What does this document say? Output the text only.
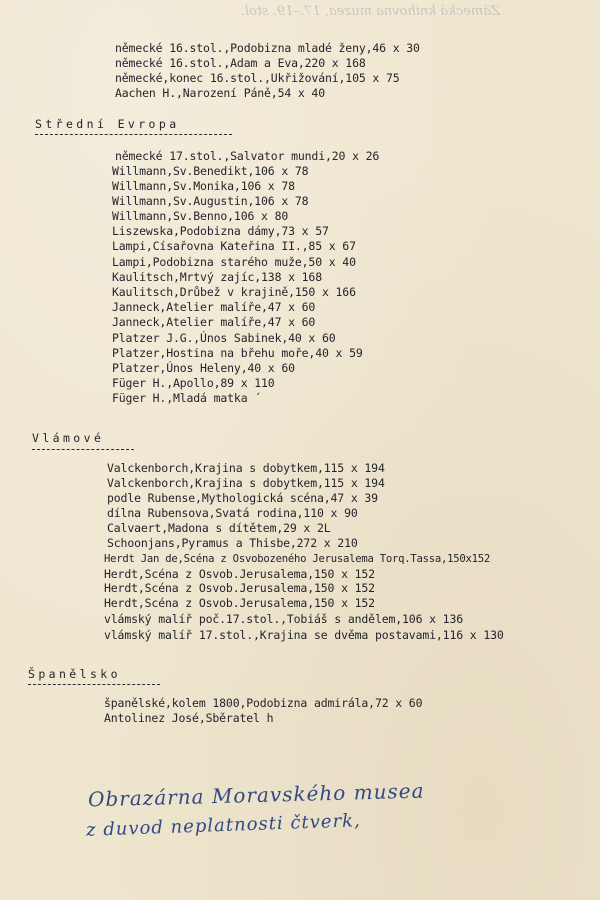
Zámecká knihovna muzea, 17.–19. stol.
německé 16.stol.,Podobizna mladé ženy,46 x 30
německé 16.stol.,Adam a Eva,220 x 168
německé,konec 16.stol.,Ukřižování,105 x 75
Aachen H.,Narození Páně,54 x 40
Střední Evropa
německé 17.stol.,Salvator mundi,20 x 26
Willmann,Sv.Benedikt,106 x 78
Willmann,Sv.Monika,106 x 78
Willmann,Sv.Augustin,106 x 78
Willmann,Sv.Benno,106 x 80
Liszewska,Podobizna dámy,73 x 57
Lampi,Císařovna Kateřina II.,85 x 67
Lampi,Podobizna starého muže,50 x 40
Kaulitsch,Mrtvý zajíc,138 x 168
Kaulitsch,Drůbež v krajině,150 x 166
Janneck,Atelier malíře,47 x 60
Janneck,Atelier malíře,47 x 60
Platzer J.G.,Únos Sabinek,40 x 60
Platzer,Hostina na břehu moře,40 x 59
Platzer,Únos Heleny,40 x 60
Füger H.,Apollo,89 x 110
Füger H.,Mladá matka ´
Vlámové
Valckenborch,Krajina s dobytkem,115 x 194
Valckenborch,Krajina s dobytkem,115 x 194
podle Rubense,Mythologická scéna,47 x 39
dílna Rubensova,Svatá rodina,110 x 90
Calvaert,Madona s dítětem,29 x 2L
Schoonjans,Pyramus a Thisbe,272 x 210
Herdt Jan de,Scéna z Osvobozeného Jerusalema Torq.Tassa,150x152
Herdt,Scéna z Osvob.Jerusalema,150 x 152
Herdt,Scéna z Osvob.Jerusalema,150 x 152
Herdt,Scéna z Osvob.Jerusalema,150 x 152
vlámský malíř poč.17.stol.,Tobiáš s andělem,106 x 136
vlámský malíř 17.stol.,Krajina se dvěma postavami,116 x 130
Španělsko
španělské,kolem 1800,Podobizna admirála,72 x 60
Antolinez José,Sběratel h
Obrazárna Moravského musea
z duvod neplatnosti čtverk,
